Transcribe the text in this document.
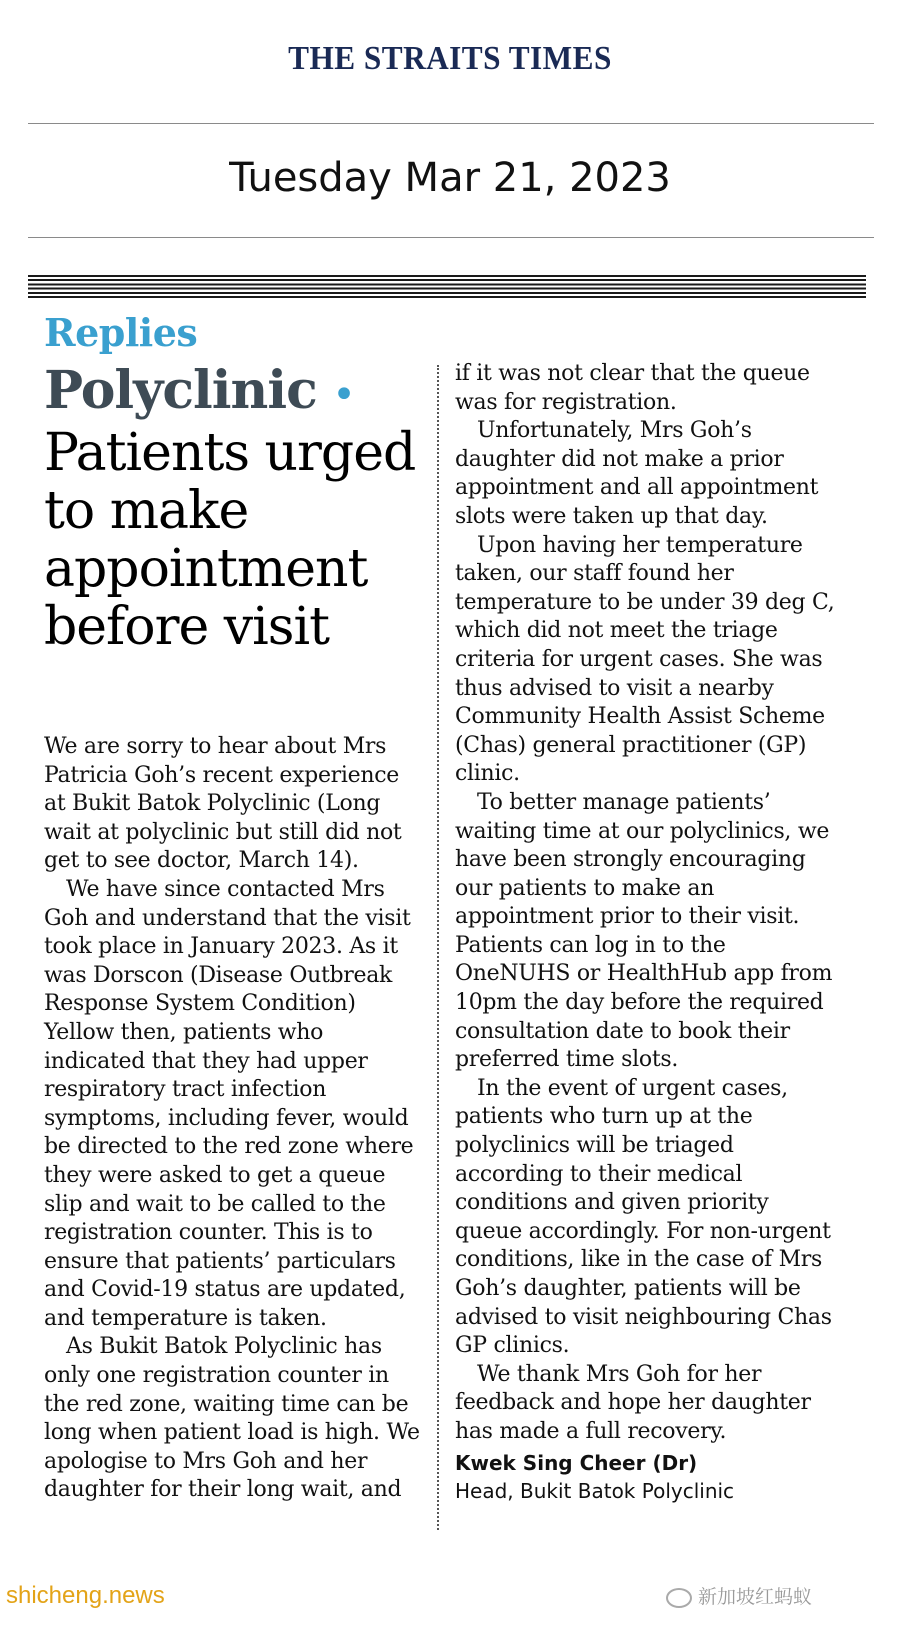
THE STRAITS TIMES
Tuesday Mar 21, 2023
Replies
Polyclinic •
Patients urged to make appointment before visit

We are sorry to hear about Mrs Patricia Goh’s recent experience at Bukit Batok Polyclinic (Long wait at polyclinic but still did not get to see doctor, March 14).

We have since contacted Mrs Goh and understand that the visit took place in January 2023. As it was Dorscon (Disease Outbreak Response System Condition) Yellow then, patients who indicated that they had upper respiratory tract infection symptoms, including fever, would be directed to the red zone where they were asked to get a queue slip and wait to be called to the registration counter. This is to ensure that patients’ particulars and Covid-19 status are updated, and temperature is taken.

As Bukit Batok Polyclinic has only one registration counter in the red zone, waiting time can be long when patient load is high. We apologise to Mrs Goh and her daughter for their long wait, and

if it was not clear that the queue was for registration.

Unfortunately, Mrs Goh’s daughter did not make a prior appointment and all appointment slots were taken up that day.

Upon having her temperature taken, our staff found her temperature to be under 39 deg C, which did not meet the triage criteria for urgent cases. She was thus advised to visit a nearby Community Health Assist Scheme (Chas) general practitioner (GP) clinic.

To better manage patients’ waiting time at our polyclinics, we have been strongly encouraging our patients to make an appointment prior to their visit. Patients can log in to the OneNUHS or HealthHub app from 10pm the day before the required consultation date to book their preferred time slots.

In the event of urgent cases, patients who turn up at the polyclinics will be triaged according to their medical conditions and given priority queue accordingly. For non-urgent conditions, like in the case of Mrs Goh’s daughter, patients will be advised to visit neighbouring Chas GP clinics.

We thank Mrs Goh for her feedback and hope her daughter has made a full recovery.

Kwek Sing Cheer (Dr)
Head, Bukit Batok Polyclinic
shicheng.news	新加坡红蚂蚁
